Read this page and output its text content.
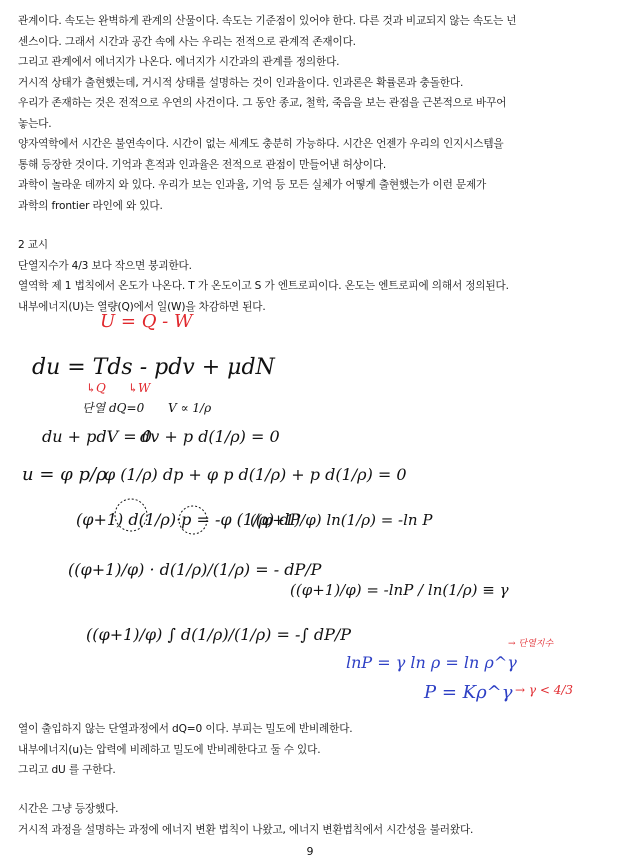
관계이다. 속도는 완벽하게 관계의 산물이다. 속도는 기준점이 있어야 한다. 다른 것과 비교되지 않는 속도는 넌

센스이다. 그래서 시간과 공간 속에 사는 우리는 전적으로 관계적 존재이다.

그리고 관계에서 에너지가 나온다. 에너지가 시간과의 관계를 정의한다.

거시적 상태가 출현했는데, 거시적 상태를 설명하는 것이 인과율이다. 인과론은 확률론과 충돌한다.

우리가 존재하는 것은 전적으로 우연의 사건이다. 그 동안 종교, 철학, 죽음을 보는 관점을 근본적으로 바꾸어

놓는다.

양자역학에서 시간은 불연속이다. 시간이 없는 세계도 충분히 가능하다. 시간은 언젠가 우리의 인지시스템을

통해 등장한 것이다. 기억과 흔적과 인과율은 전적으로 관점이 만들어낸 허상이다.

과학이 놀라운 데까지 와 있다. 우리가 보는 인과율, 기억 등 모든 실체가 어떻게 출현했는가 이런 문제가

과학의 frontier 라인에 와 있다.

2 교시

단열지수가 4/3 보다 작으면 붕괴한다.

열역학 제 1 법칙에서 온도가 나온다. T 가 온도이고 S 가 엔트로피이다. 온도는 엔트로피에 의해서 정의된다.

내부에너지(U)는 열량(Q)에서 일(W)을 차감하면 된다.

U = Q - W
du = Tds - pdv + μdN
↳Q ↳W
단열 dQ=0 V ∝ 1/ρ
du + pdV = 0
dv + p d(1/ρ) = 0
u = φ p/ρ
φ (1/ρ) dp + φ p d(1/ρ) + p d(1/ρ) = 0
(φ+1) d(1/ρ)·p = -φ (1/ρ) dP
((φ+1)/φ) ln(1/ρ) = -ln P
((φ+1)/φ) · d(1/ρ)/(1/ρ) = - dP/P
((φ+1)/φ) = -lnP / ln(1/ρ) ≡ γ
((φ+1)/φ) ∫ d(1/ρ)/(1/ρ) = -∫ dP/P
lnP = γ ln ρ = ln ρ^γ
→ 단열지수
P = Kρ^γ → γ < 4/3

열이 출입하지 않는 단열과정에서 dQ=0 이다. 부피는 밀도에 반비례한다.

내부에너지(u)는 압력에 비례하고 밀도에 반비례한다고 둘 수 있다.

그리고 dU 를 구한다.

시간은 그냥 등장했다.

거시적 과정을 설명하는 과정에 에너지 변환 법칙이 나왔고, 에너지 변환법칙에서 시간성을 불러왔다.

9
